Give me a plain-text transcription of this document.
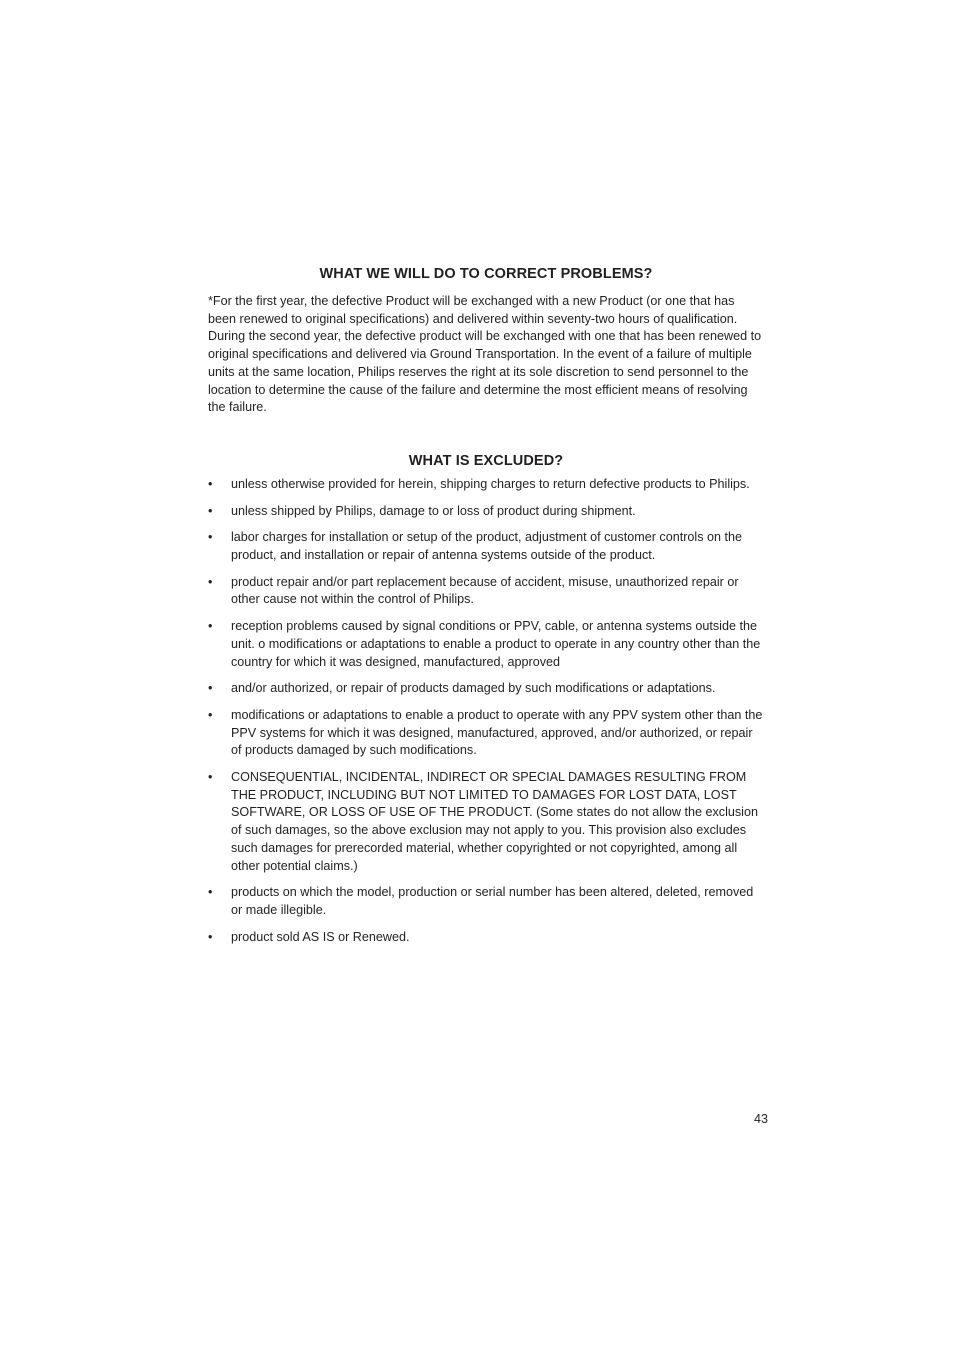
WHAT WE WILL DO TO CORRECT PROBLEMS?

*For the first year, the defective Product will be exchanged with a new Product (or one that has been renewed to original specifications) and delivered within seventy-two hours of qualification. During the second year, the defective product will be exchanged with one that has been renewed to original specifications and delivered via Ground Transportation. In the event of a failure of multiple units at the same location, Philips reserves the right at its sole discretion to send personnel to the location to determine the cause of the failure and determine the most efficient means of resolving the failure.

WHAT IS EXCLUDED?
• unless otherwise provided for herein, shipping charges to return defective products to Philips.
• unless shipped by Philips, damage to or loss of product during shipment.
• labor charges for installation or setup of the product, adjustment of customer controls on the product, and installation or repair of antenna systems outside of the product.
• product repair and/or part replacement because of accident, misuse, unauthorized repair or other cause not within the control of Philips.
• reception problems caused by signal conditions or PPV, cable, or antenna systems outside the unit. o modifications or adaptations to enable a product to operate in any country other than the country for which it was designed, manufactured, approved
• and/or authorized, or repair of products damaged by such modifications or adaptations.
• modifications or adaptations to enable a product to operate with any PPV system other than the PPV systems for which it was designed, manufactured, approved, and/or authorized, or repair of products damaged by such modifications.
• CONSEQUENTIAL, INCIDENTAL, INDIRECT OR SPECIAL DAMAGES RESULTING FROM THE PRODUCT, INCLUDING BUT NOT LIMITED TO DAMAGES FOR LOST DATA, LOST SOFTWARE, OR LOSS OF USE OF THE PRODUCT. (Some states do not allow the exclusion of such damages, so the above exclusion may not apply to you. This provision also excludes such damages for prerecorded material, whether copyrighted or not copyrighted, among all other potential claims.)
• products on which the model, production or serial number has been altered, deleted, removed or made illegible.
• product sold AS IS or Renewed.
43
